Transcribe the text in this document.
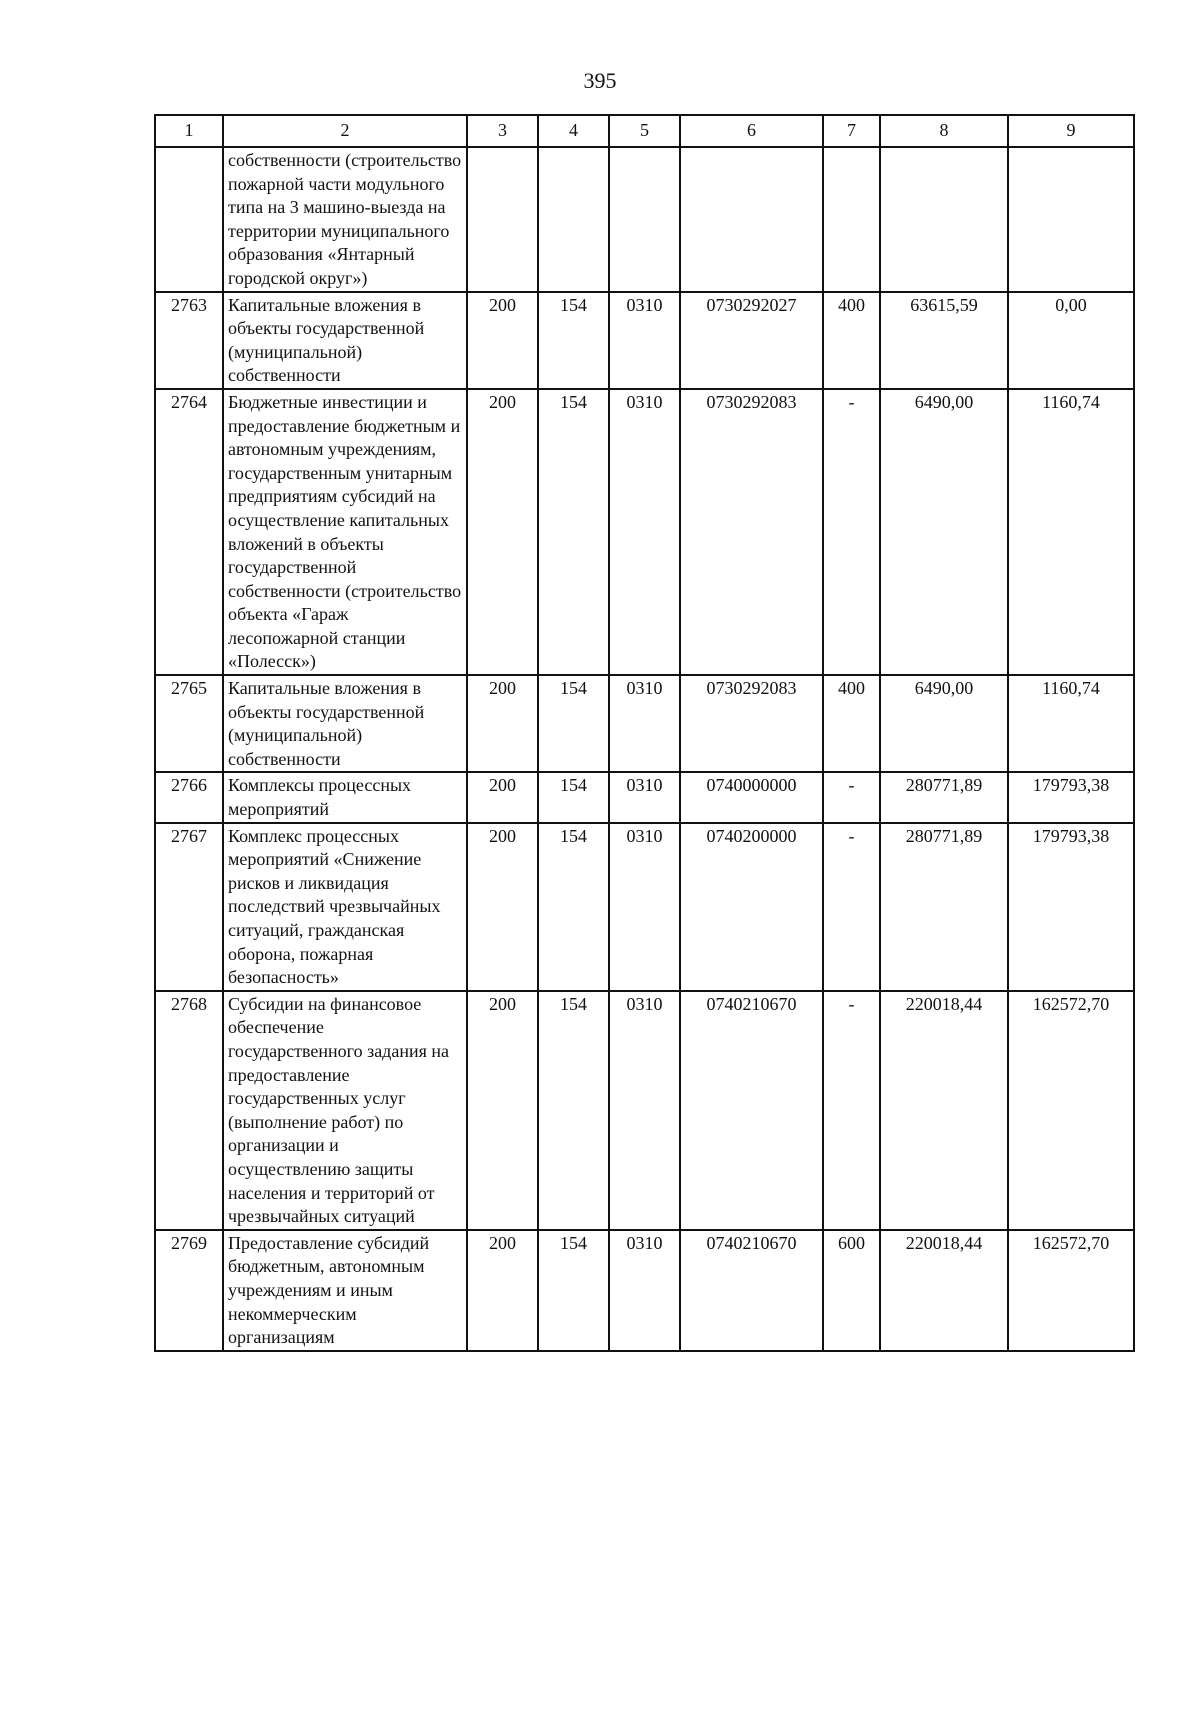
395
1	2	3	4	5	6	7	8	9
	собственности (строительство пожарной части модульного типа на 3 машино-выезда на территории муниципального образования «Янтарный городской округ»)							
2763	Капитальные вложения в объекты государственной (муниципальной) собственности	200	154	0310	0730292027	400	63615,59	0,00
2764	Бюджетные инвестиции и предоставление бюджетным и автономным учреждениям, государственным унитарным предприятиям субсидий на осуществление капитальных вложений в объекты государственной собственности (строительство объекта «Гараж лесопожарной станции «Полесск»)	200	154	0310	0730292083	-	6490,00	1160,74
2765	Капитальные вложения в объекты государственной (муниципальной) собственности	200	154	0310	0730292083	400	6490,00	1160,74
2766	Комплексы процессных мероприятий	200	154	0310	0740000000	-	280771,89	179793,38
2767	Комплекс процессных мероприятий «Снижение рисков и ликвидация последствий чрезвычайных ситуаций, гражданская оборона, пожарная безопасность»	200	154	0310	0740200000	-	280771,89	179793,38
2768	Субсидии на финансовое обеспечение государственного задания на предоставление государственных услуг (выполнение работ) по организации и осуществлению защиты населения и территорий от чрезвычайных ситуаций	200	154	0310	0740210670	-	220018,44	162572,70
2769	Предоставление субсидий бюджетным, автономным учреждениям и иным некоммерческим организациям	200	154	0310	0740210670	600	220018,44	162572,70
